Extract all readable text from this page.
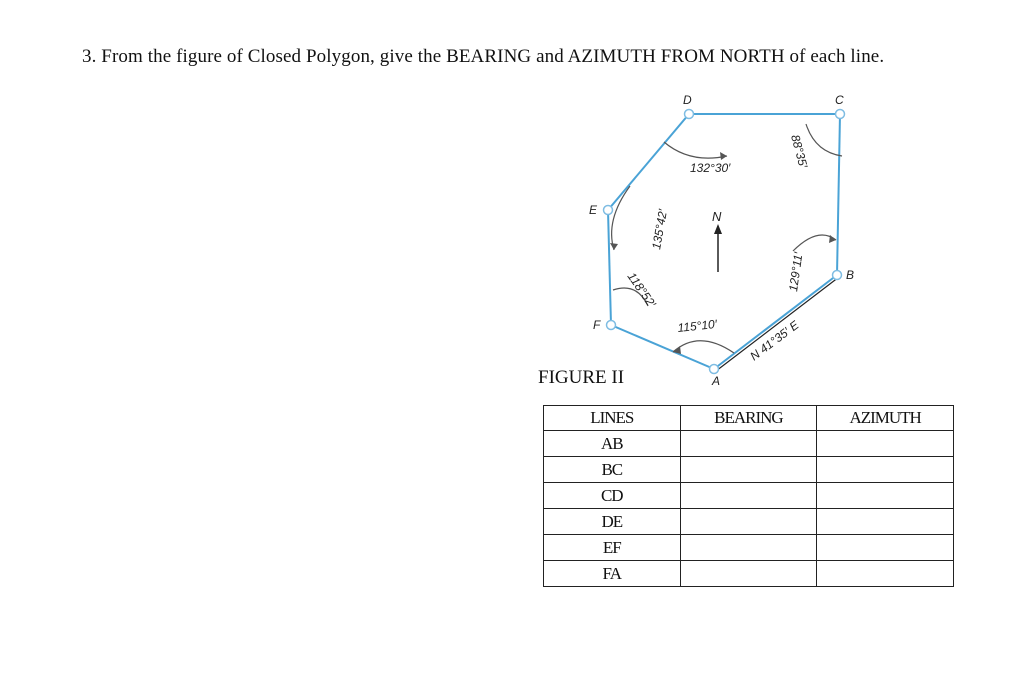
3. From the figure of Closed Polygon, give the BEARING and AZIMUTH FROM NORTH of each line.
N
D	C
E
F
B
A
132°30′	88°35′
135°42′
118°52′	129°11′
115°10′ N 41°35′ E
FIGURE II
LINES	BEARING	AZIMUTH
AB		
BC		
CD		
DE		
EF		
FA		
